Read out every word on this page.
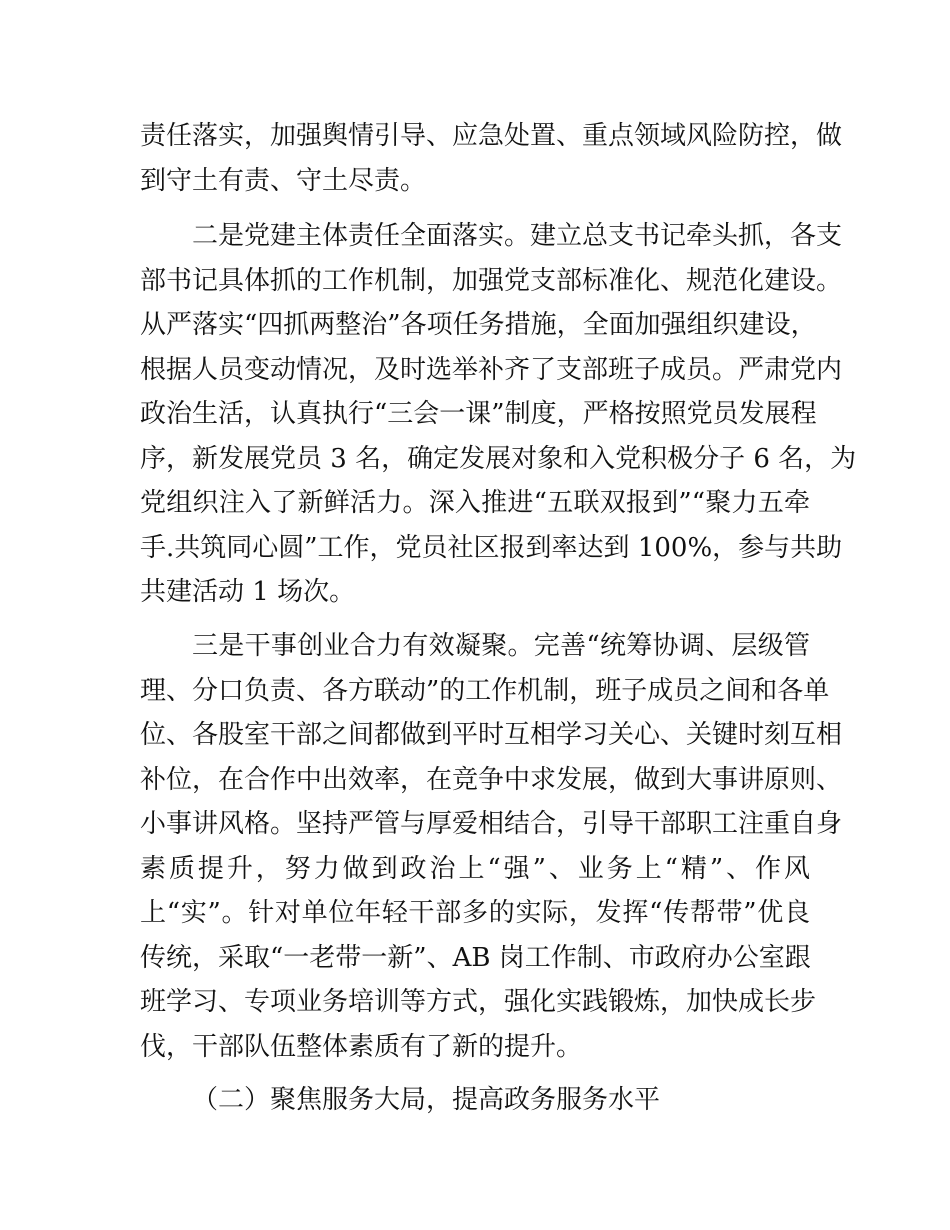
责任落实，加强舆情引导、应急处置、重点领域风险防控，做
到守土有责、守土尽责。
二是党建主体责任全面落实。建立总支书记牵头抓，各支
部书记具体抓的工作机制，加强党支部标准化、规范化建设。
从严落实“四抓两整治”各项任务措施，全面加强组织建设，
根据人员变动情况，及时选举补齐了支部班子成员。严肃党内
政治生活，认真执行“三会一课”制度，严格按照党员发展程
序，新发展党员 3 名，确定发展对象和入党积极分子 6 名，为
党组织注入了新鲜活力。深入推进“五联双报到”“聚力五牵
手.共筑同心圆”工作，党员社区报到率达到 100%，参与共助
共建活动 1 场次。
三是干事创业合力有效凝聚。完善“统筹协调、层级管
理、分口负责、各方联动”的工作机制，班子成员之间和各单
位、各股室干部之间都做到平时互相学习关心、关键时刻互相
补位，在合作中出效率，在竞争中求发展，做到大事讲原则、
小事讲风格。坚持严管与厚爱相结合，引导干部职工注重自身
素质提升，努力做到政治上“强”、业务上“精”、作风
上“实”。针对单位年轻干部多的实际，发挥“传帮带”优良
传统，采取“一老带一新”、AB 岗工作制、市政府办公室跟
班学习、专项业务培训等方式，强化实践锻炼，加快成长步
伐，干部队伍整体素质有了新的提升。
（二）聚焦服务大局，提高政务服务水平
